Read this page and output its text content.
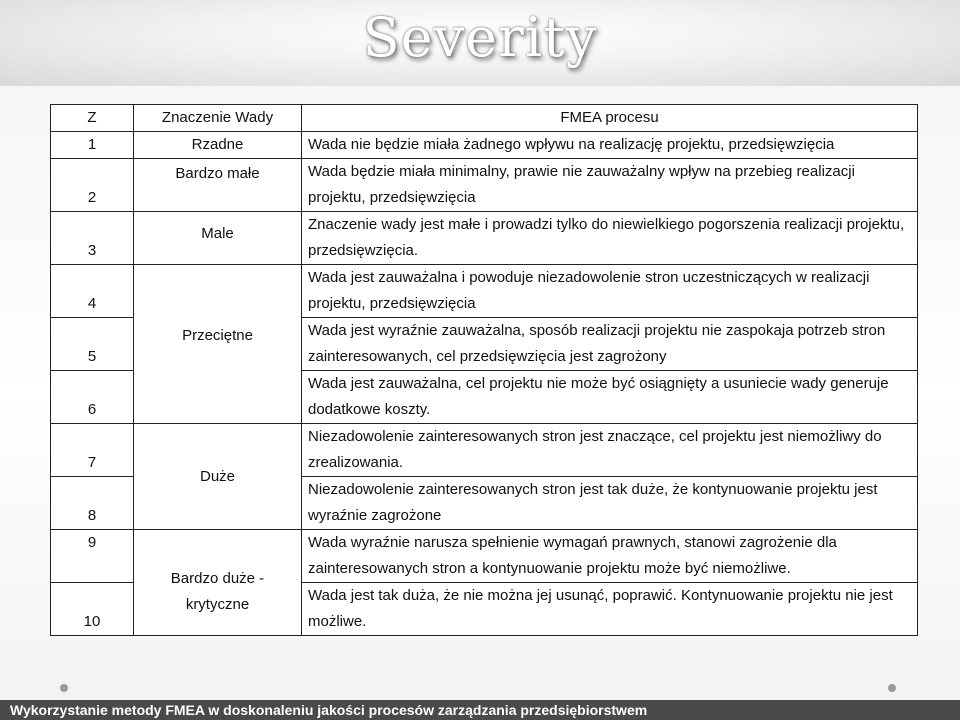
Severity
Z	Znaczenie Wady	FMEA procesu
1	Rzadne	Wada nie będzie miała żadnego wpływu na realizację projektu, przedsięwzięcia
2	Bardzo małe	Wada będzie miała minimalny, prawie nie zauważalny wpływ na przebieg realizacji projektu, przedsięwzięcia
3	Male	Znaczenie wady jest małe i prowadzi tylko do niewielkiego pogorszenia realizacji projektu, przedsięwzięcia.
4	Przeciętne	Wada jest zauważalna i powoduje niezadowolenie stron uczestniczących w realizacji projektu, przedsięwzięcia
5		Wada jest wyraźnie zauważalna, sposób realizacji projektu nie zaspokaja potrzeb stron zainteresowanych, cel przedsięwzięcia jest zagrożony
6		Wada jest zauważalna, cel projektu nie może być osiągnięty a usuniecie wady generuje dodatkowe koszty.
7	Duże	Niezadowolenie zainteresowanych stron jest znaczące, cel projektu jest niemożliwy do zrealizowania.
8		Niezadowolenie zainteresowanych stron jest tak duże, że kontynuowanie projektu jest wyraźnie zagrożone
9	Bardzo duże - krytyczne	Wada wyraźnie narusza spełnienie wymagań prawnych, stanowi zagrożenie dla zainteresowanych stron a kontynuowanie projektu może być niemożliwe.
10		Wada jest tak duża, że nie można jej usunąć, poprawić. Kontynuowanie projektu nie jest możliwe.
Wykorzystanie metody FMEA w doskonaleniu jakości procesów zarządzania przedsiębiorstwem
